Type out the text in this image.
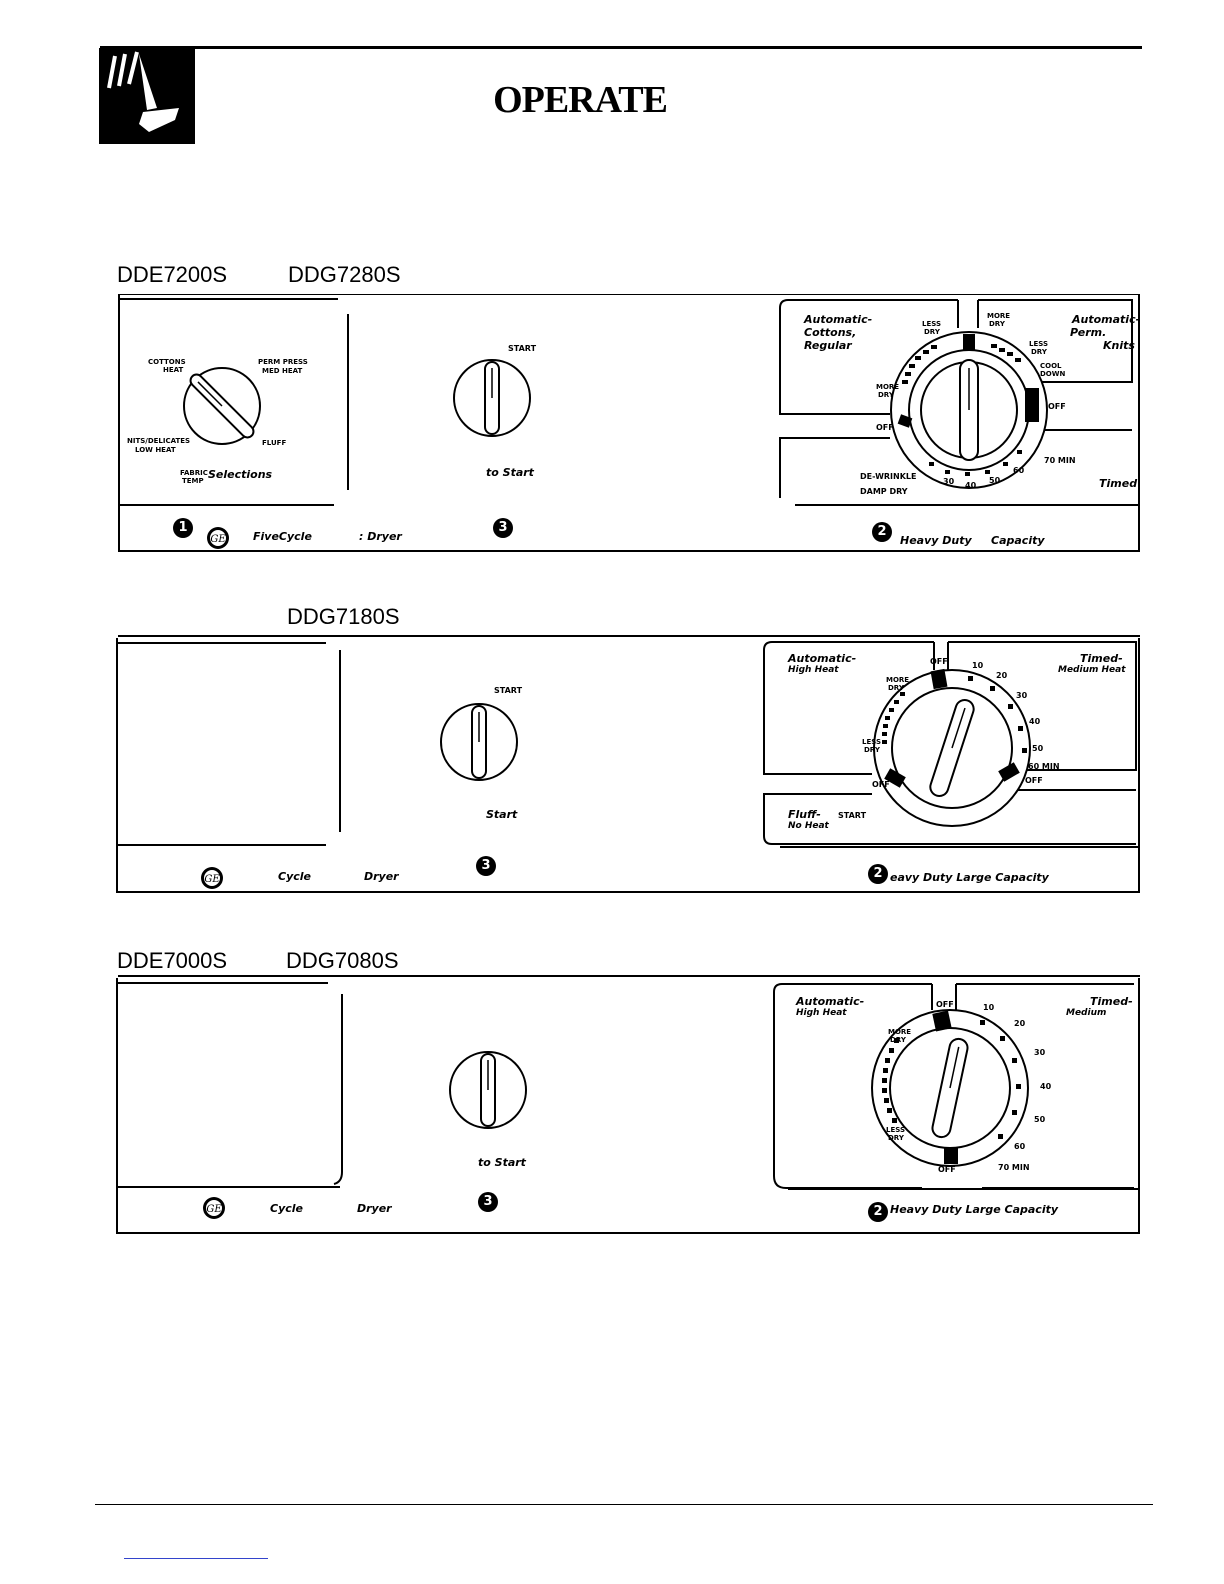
OPERATE
DDE7200S	DDG7280S
COTTONS
HEAT
PERM PRESS
MED HEAT
NITS/DELICATES
LOW HEAT
FLUFF
FABRIC
TEMP Selections
START
to Start
Automatic-
Cottons,
Regular
Automatic-
Perm.
Knits
LESS
DRY
MORE
DRY
LESS
DRY
COOL
DOWN
MORE
DRY
OFF
OFF
DE-WRINKLE
DAMP DRY
30 40
50
60
70 MIN
Timed
1
GE FiveCycle	: Dryer
3	2
Heavy Duty Capacity
DDG7180S
START
Start
Automatic-
High Heat
Timed-
Medium Heat
OFF	10
20
30
40
50
60 MIN
MORE
DRY
LESS
DRY
OFF	OFF
Fluff-
No Heat
START
GE	Cycle	Dryer
3
2 eavy Duty Large Capacity
DDE7000S	DDG7080S
to Start
Automatic-
High Heat
Timed-
Medium
OFF	10
20
30
40
50
60
70 MIN
MORE
DRY
LESS
DRY
OFF
GE	Cycle	Dryer	3
2 Heavy Duty Large Capacity
